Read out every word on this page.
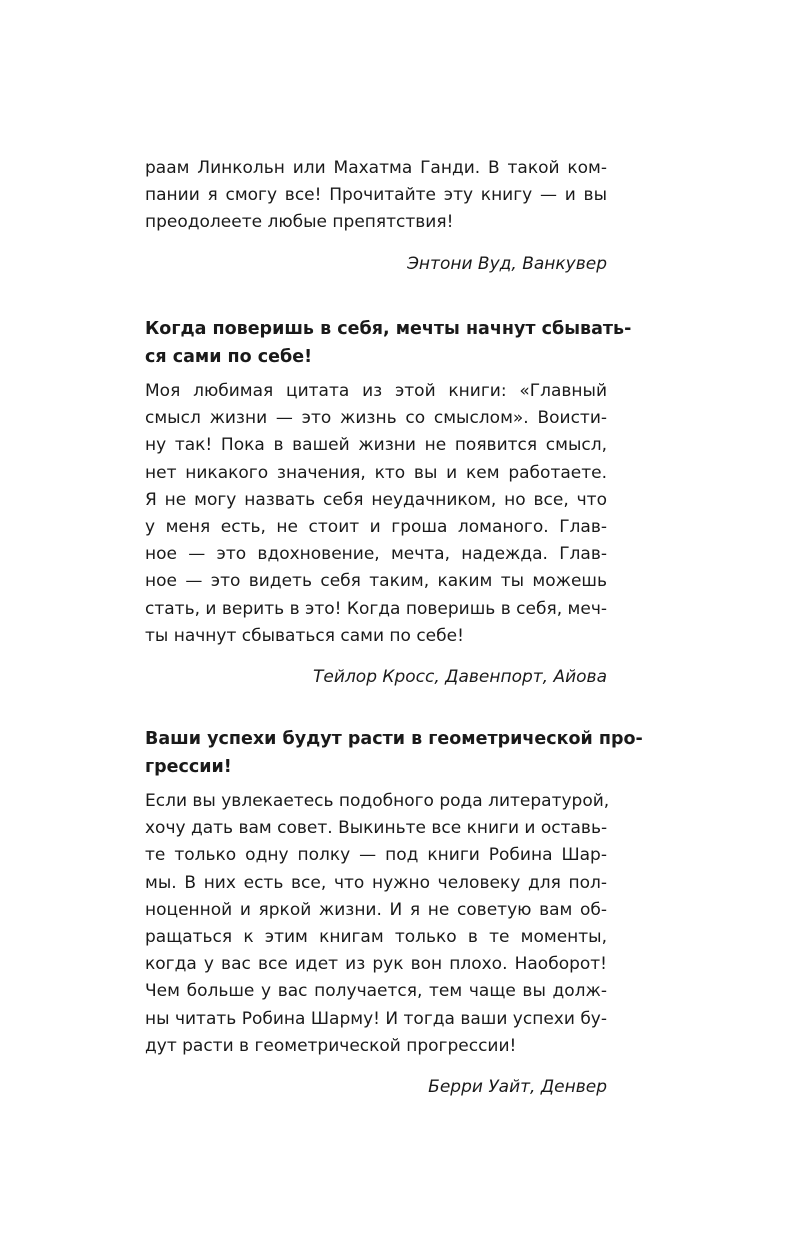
раам Линкольн или Махатма Ганди. В такой ком-
пании я смогу все! Прочитайте эту книгу — и вы
преодолеете любые препятствия!

Энтони Вуд, Ванкувер
Когда поверишь в себя, мечты начнут сбывать-
ся сами по себе!

Моя любимая цитата из этой книги: «Главный
смысл жизни — это жизнь со смыслом». Воисти-
ну так! Пока в вашей жизни не появится смысл,
нет никакого значения, кто вы и кем работаете.
Я не могу назвать себя неудачником, но все, что
у меня есть, не стоит и гроша ломаного. Глав-
ное — это вдохновение, мечта, надежда. Глав-
ное — это видеть себя таким, каким ты можешь
стать, и верить в это! Когда поверишь в себя, меч-
ты начнут сбываться сами по себе!

Тейлор Кросс, Давенпорт, Айова
Ваши успехи будут расти в геометрической про-
грессии!

Если вы увлекаетесь подобного рода литературой,
хочу дать вам совет. Выкиньте все книги и оставь-
те только одну полку — под книги Робина Шар-
мы. В них есть все, что нужно человеку для пол-
ноценной и яркой жизни. И я не советую вам об-
ращаться к этим книгам только в те моменты,
когда у вас все идет из рук вон плохо. Наоборот!
Чем больше у вас получается, тем чаще вы долж-
ны читать Робина Шарму! И тогда ваши успехи бу-
дут расти в геометрической прогрессии!

Берри Уайт, Денвер
